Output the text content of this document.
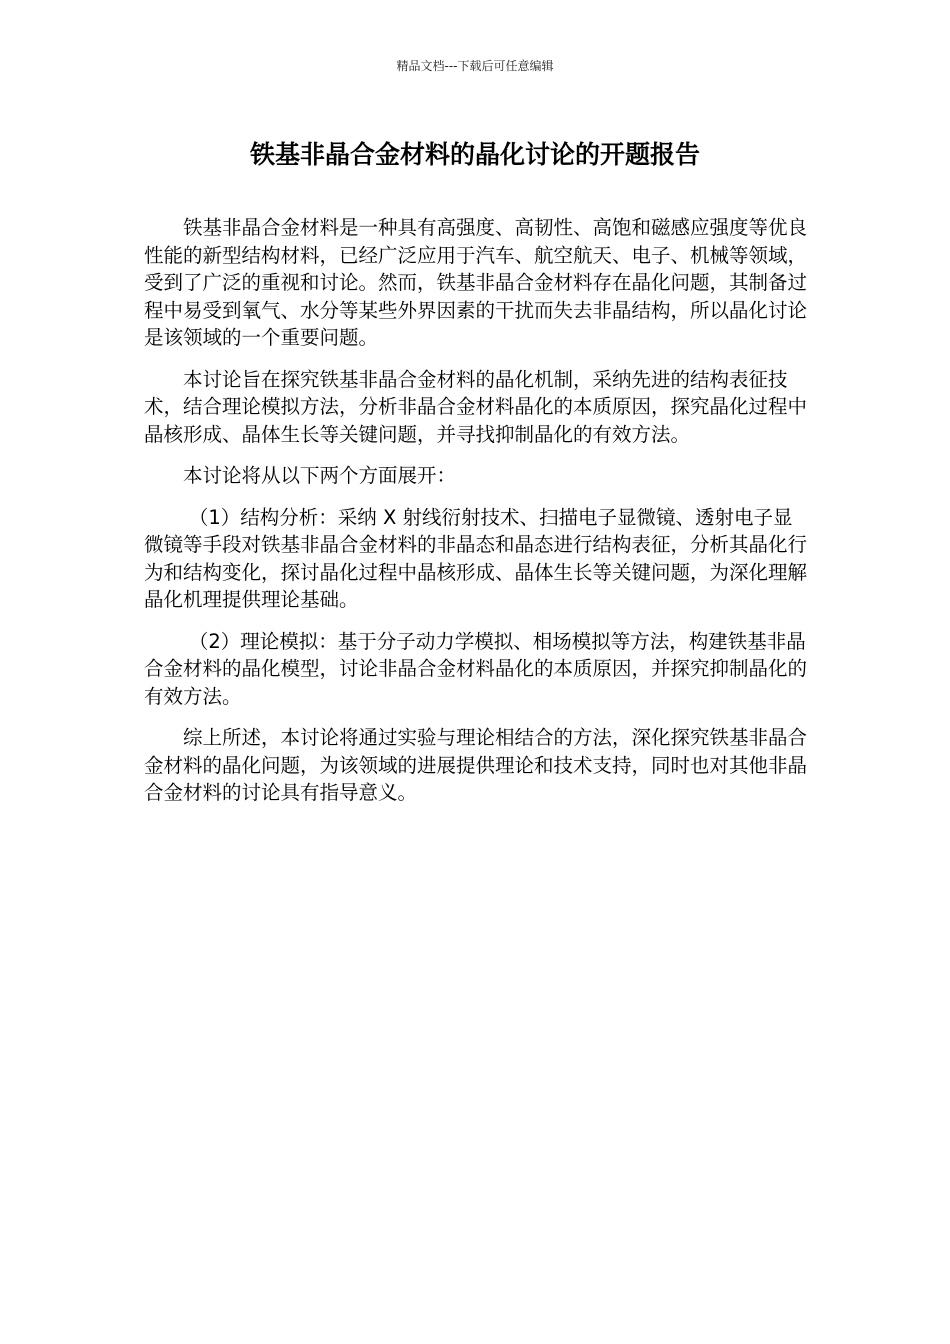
精品文档---下载后可任意编辑
铁基非晶合金材料的晶化讨论的开题报告

铁基非晶合金材料是一种具有高强度、高韧性、高饱和磁感应强度等优良性能的新型结构材料，已经广泛应用于汽车、航空航天、电子、机械等领域，受到了广泛的重视和讨论。然而，铁基非晶合金材料存在晶化问题，其制备过程中易受到氧气、水分等某些外界因素的干扰而失去非晶结构，所以晶化讨论是该领域的一个重要问题。

本讨论旨在探究铁基非晶合金材料的晶化机制，采纳先进的结构表征技术，结合理论模拟方法，分析非晶合金材料晶化的本质原因，探究晶化过程中晶核形成、晶体生长等关键问题，并寻找抑制晶化的有效方法。

本讨论将从以下两个方面展开：

（1）结构分析：采纳 X 射线衍射技术、扫描电子显微镜、透射电子显微镜等手段对铁基非晶合金材料的非晶态和晶态进行结构表征，分析其晶化行为和结构变化，探讨晶化过程中晶核形成、晶体生长等关键问题，为深化理解晶化机理提供理论基础。

（2）理论模拟：基于分子动力学模拟、相场模拟等方法，构建铁基非晶合金材料的晶化模型，讨论非晶合金材料晶化的本质原因，并探究抑制晶化的有效方法。

综上所述，本讨论将通过实验与理论相结合的方法，深化探究铁基非晶合金材料的晶化问题，为该领域的进展提供理论和技术支持，同时也对其他非晶合金材料的讨论具有指导意义。
